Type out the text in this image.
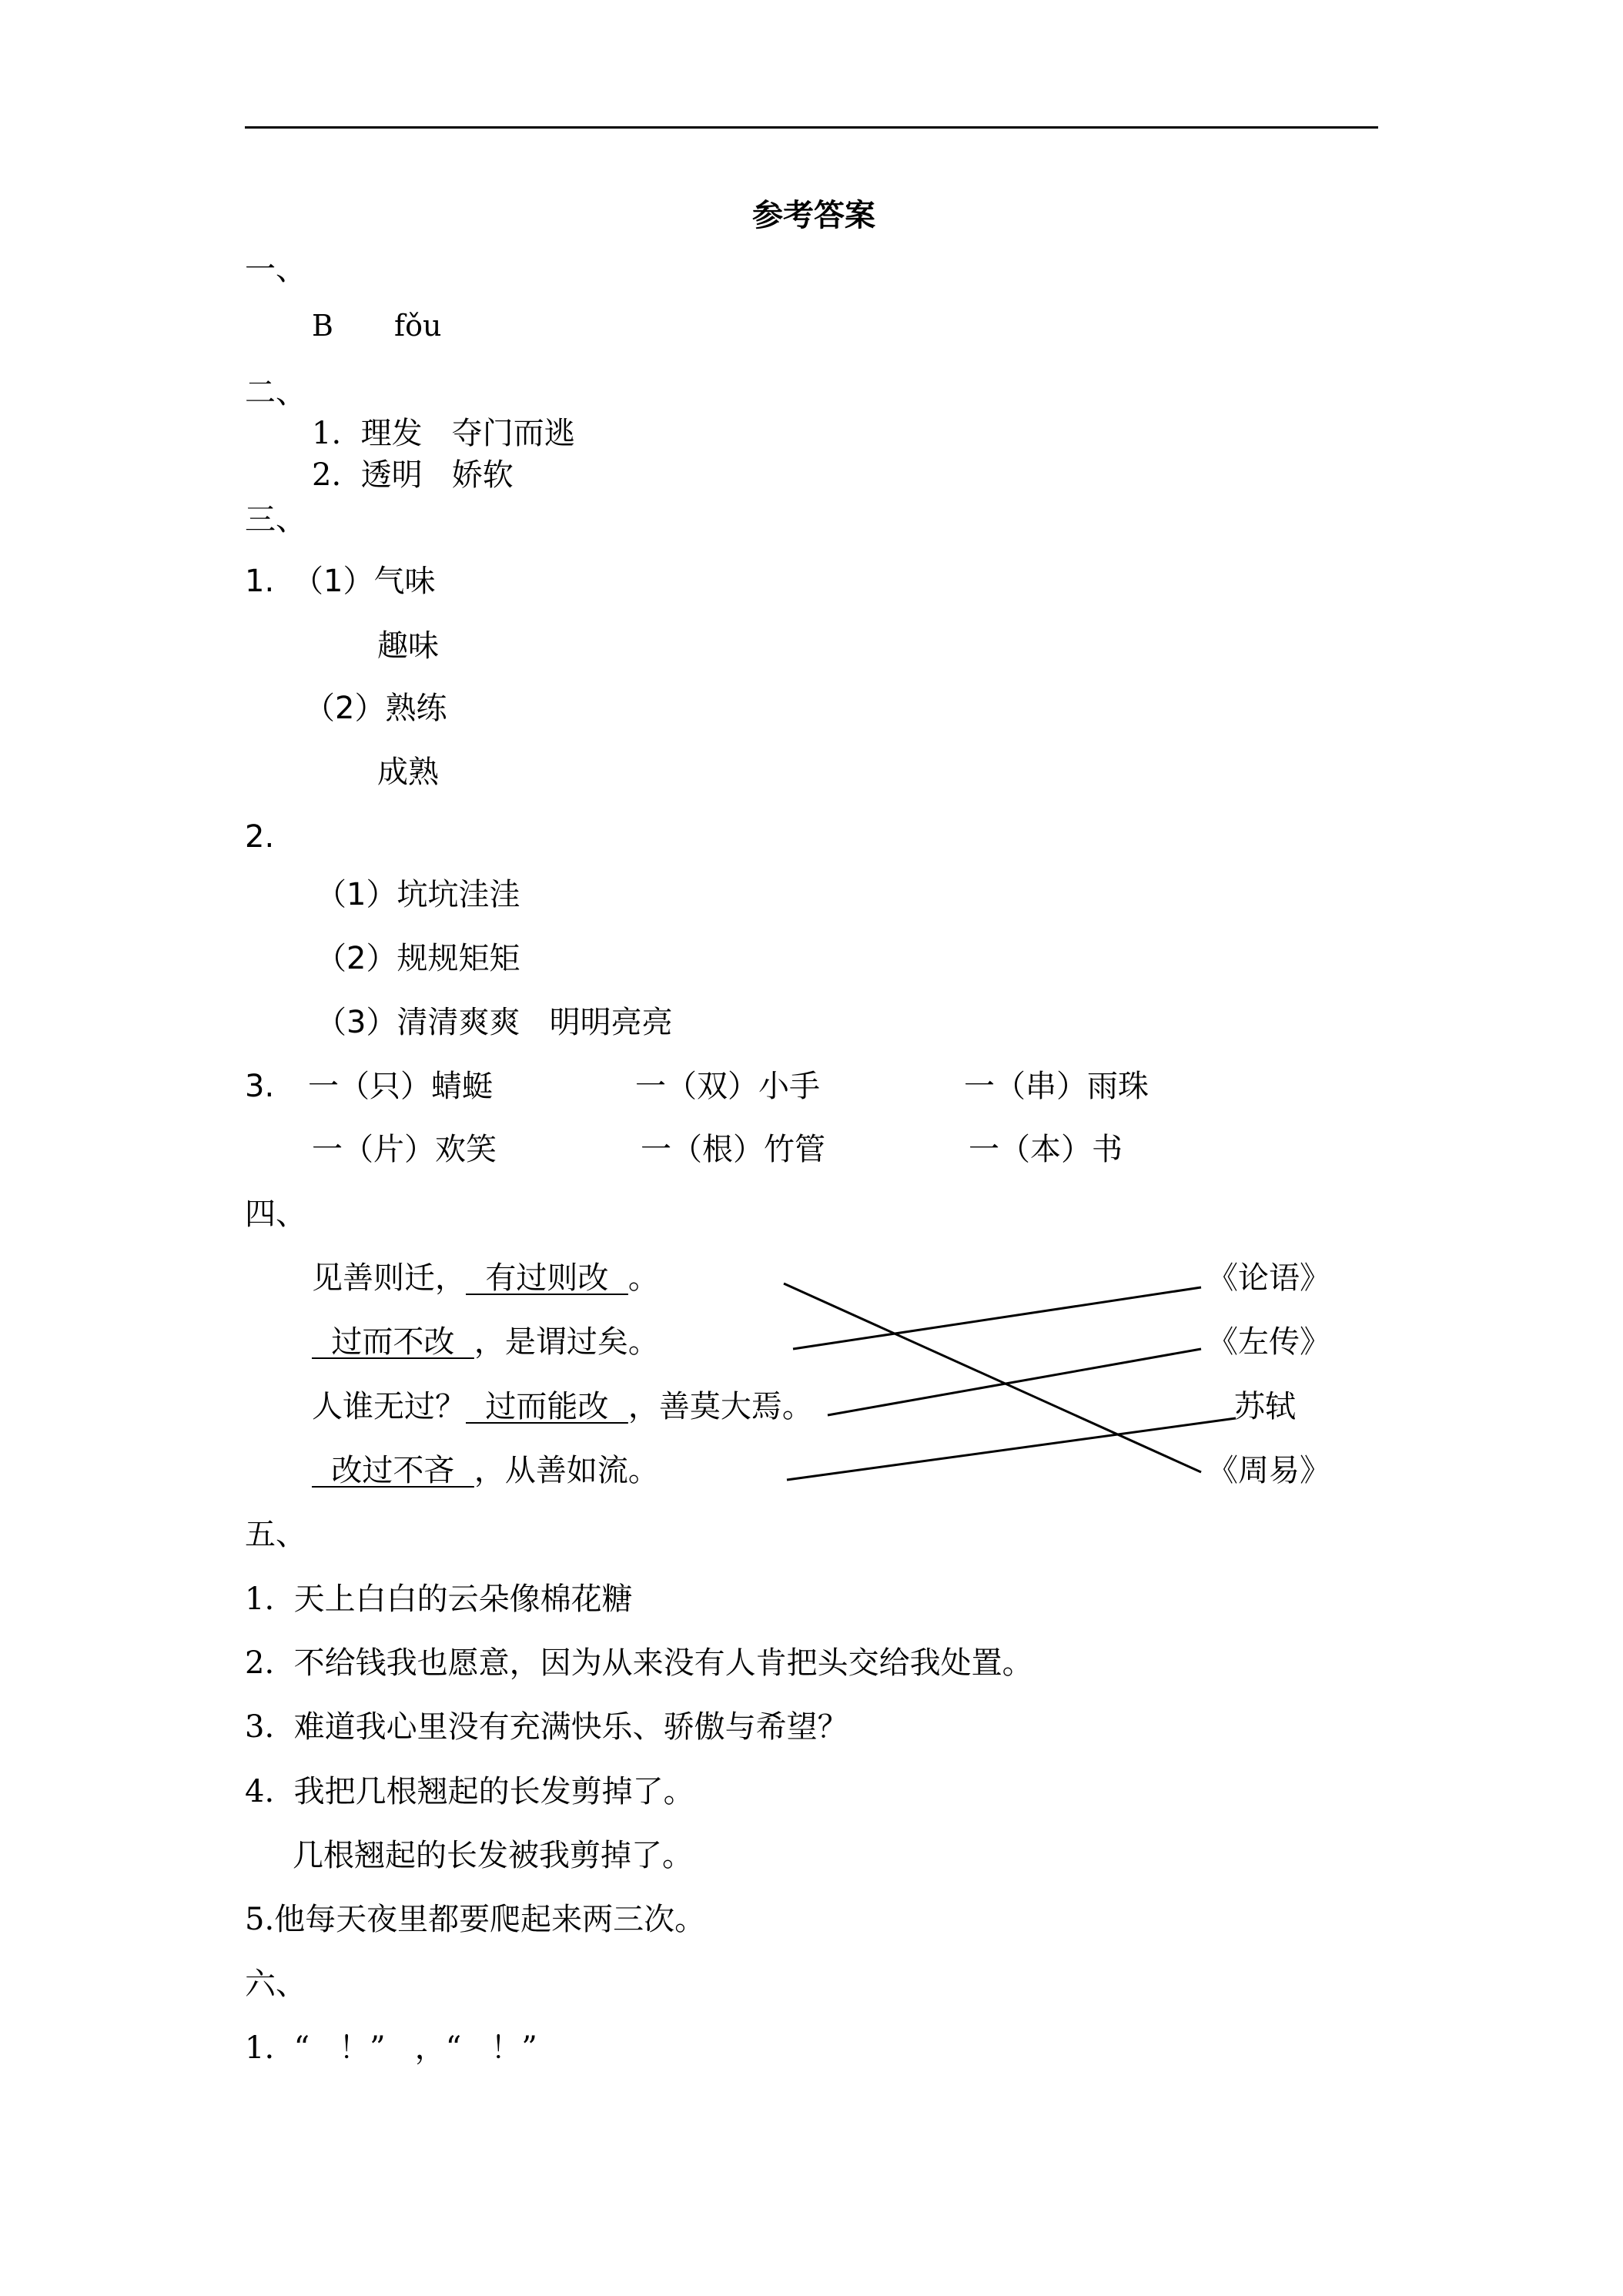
参考答案
一、
B fǒu
二、
1.  理发   夺门而逃
2.  透明   娇软
三、
1. （1）气味
趣味
（2）熟练
成熟
2.
（1）坑坑洼洼
（2）规规矩矩
（3）清清爽爽   明明亮亮
3. 一（只）蜻蜓	一（双）小手	一（串）雨珠
一（片）欢笑	一（根）竹管	一（本）书
四、
见善则迁，  有过则改  。
过而不改  ，是谓过矣。
人谁无过？  过而能改  ，善莫大焉。
改过不吝  ，从善如流。
《论语》
《左传》
苏轼
《周易》
五、
1.  天上白白的云朵像棉花糖
2.  不给钱我也愿意，因为从来没有人肯把头交给我处置。
3.  难道我心里没有充满快乐、骄傲与希望？
4.  我把几根翘起的长发剪掉了。
几根翘起的长发被我剪掉了。
5.他每天夜里都要爬起来两三次。
六、
1.  “   ！”   ，“   ！”
